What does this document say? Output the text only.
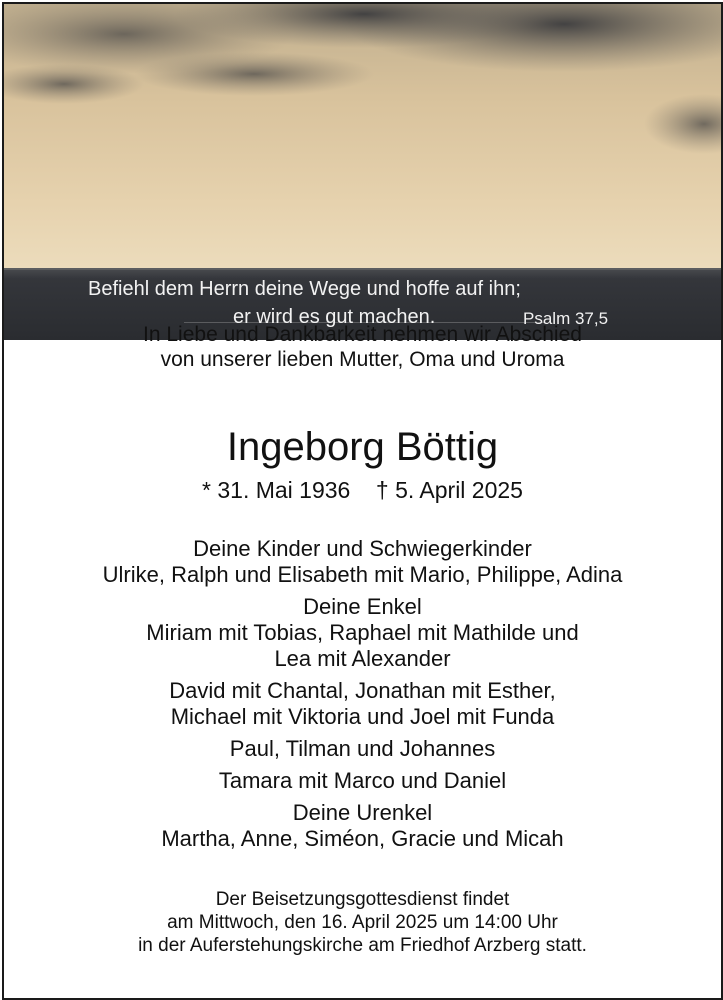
Befiehl dem Herrn deine Wege und hoffe auf ihn;
er wird es gut machen.	Psalm 37,5
In Liebe und Dankbarkeit nehmen wir Abschied
von unserer lieben Mutter, Oma und Uroma
Ingeborg Böttig
* 31. Mai 1936    † 5. April 2025
Deine Kinder und Schwiegerkinder
Ulrike, Ralph und Elisabeth mit Mario, Philippe, Adina
Deine Enkel
Miriam mit Tobias, Raphael mit Mathilde und
Lea mit Alexander
David mit Chantal, Jonathan mit Esther,
Michael mit Viktoria und Joel mit Funda
Paul, Tilman und Johannes
Tamara mit Marco und Daniel
Deine Urenkel
Martha, Anne, Siméon, Gracie und Micah
Der Beisetzungsgottesdienst findet
am Mittwoch, den 16. April 2025 um 14:00 Uhr
in der Auferstehungskirche am Friedhof Arzberg statt.
